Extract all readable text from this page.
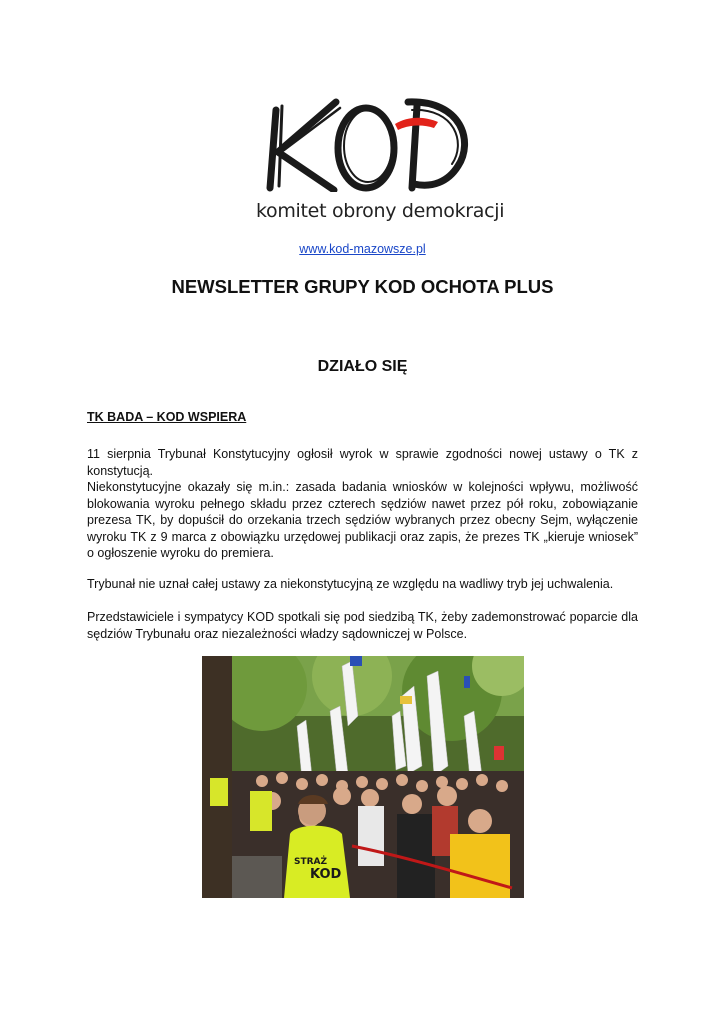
komitet obrony demokracji
www.kod-mazowsze.pl
NEWSLETTER GRUPY KOD OCHOTA PLUS
DZIAŁO SIĘ
TK BADA – KOD WSPIERA
11 sierpnia Trybunał Konstytucyjny ogłosił wyrok w sprawie zgodności nowej ustawy o TK z konstytucją.
Niekonstytucyjne okazały się m.in.: zasada badania wniosków w kolejności wpływu, możliwość blokowania wyroku pełnego składu przez czterech sędziów nawet przez pół roku, zobowiązanie prezesa TK, by dopuścił do orzekania trzech sędziów wybranych przez obecny Sejm, wyłączenie wyroku TK z 9 marca z obowiązku urzędowej publikacji oraz zapis, że prezes TK „kieruje wniosek” o ogłoszenie wyroku do premiera.
Trybunał nie uznał całej ustawy za niekonstytucyjną ze względu na wadliwy tryb jej uchwalenia.
Przedstawiciele i sympatycy KOD spotkali się pod siedzibą TK, żeby zademonstrować poparcie dla sędziów Trybunału oraz niezależności władzy sądowniczej w Polsce.
STRAŻ
KOD
